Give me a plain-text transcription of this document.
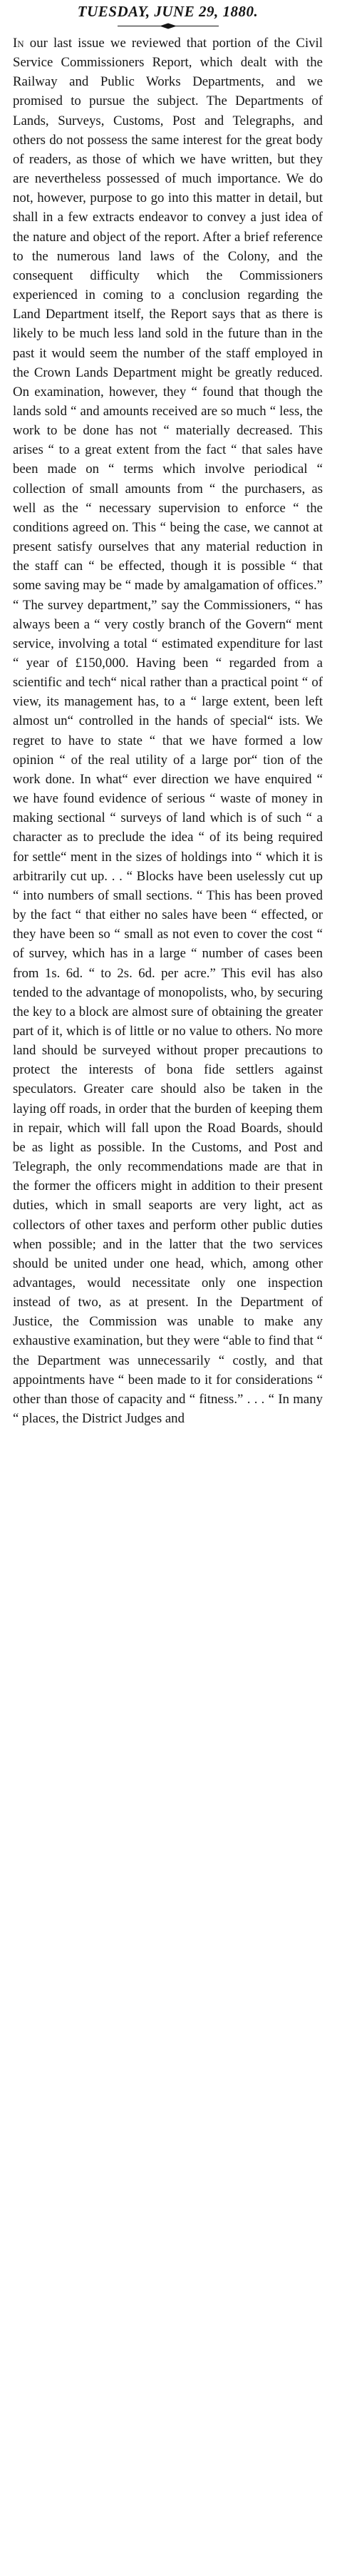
TUESDAY, JUNE 29, 1880.

In our last issue we reviewed that portion of the Civil Service Commissioners Report, which dealt with the Railway and Public Works Departments, and we promised to pursue the subject. The Departments of Lands, Surveys, Customs, Post and Telegraphs, and others do not possess the same interest for the great body of readers, as those of which we have written, but they are nevertheless possessed of much importance. We do not, however, purpose to go into this matter in detail, but shall in a few extracts endeavor to convey a just idea of the nature and object of the report. After a brief reference to the numerous land laws of the Colony, and the consequent difficulty which the Commissioners experienced in coming to a conclusion regarding the Land Department itself, the Report says that as there is likely to be much less land sold in the future than in the past it would seem the number of the staff employed in the Crown Lands Department might be greatly reduced. On examination, however, they “ found that though the lands sold “ and amounts received are so much “ less, the work to be done has not “ materially decreased. This arises “ to a great extent from the fact “ that sales have been made on “ terms which involve periodical “ collection of small amounts from “ the purchasers, as well as the “ necessary supervision to enforce “ the conditions agreed on. This “ being the case, we cannot at present satisfy ourselves that any material reduction in the staff can “ be effected, though it is possible “ that some saving may be “ made by amalgamation of offices.” “ The survey department,” say the Commissioners, “ has always been a “ very costly branch of the Govern“ ment service, involving a total “ estimated expenditure for last “ year of £150,000. Having been “ regarded from a scientific and tech“ nical rather than a practical point “ of view, its management has, to a “ large extent, been left almost un“ controlled in the hands of special“ ists. We regret to have to state “ that we have formed a low opinion “ of the real utility of a large por“ tion of the work done. In what“ ever direction we have enquired “ we have found evidence of serious “ waste of money in making sectional “ surveys of land which is of such “ a character as to preclude the idea “ of its being required for settle“ ment in the sizes of holdings into “ which it is arbitrarily cut up. . . “ Blocks have been uselessly cut up “ into numbers of small sections. “ This has been proved by the fact “ that either no sales have been “ effected, or they have been so “ small as not even to cover the cost “ of survey, which has in a large “ number of cases been from 1s. 6d. “ to 2s. 6d. per acre.” This evil has also tended to the advantage of monopolists, who, by securing the key to a block are almost sure of obtaining the greater part of it, which is of little or no value to others. No more land should be surveyed without proper precautions to protect the interests of bona fide settlers against speculators. Greater care should also be taken in the laying off roads, in order that the burden of keeping them in repair, which will fall upon the Road Boards, should be as light as possible. In the Customs, and Post and Telegraph, the only recommendations made are that in the former the officers might in addition to their present duties, which in small seaports are very light, act as collectors of other taxes and perform other public duties when possible; and in the latter that the two services should be united under one head, which, among other advantages, would necessitate only one inspection instead of two, as at present. In the Department of Justice, the Commission was unable to make any exhaustive examination, but they were “able to find that “ the Department was unnecessarily “ costly, and that appointments have “ been made to it for considerations “ other than those of capacity and “ fitness.” . . . “ In many “ places, the District Judges and
